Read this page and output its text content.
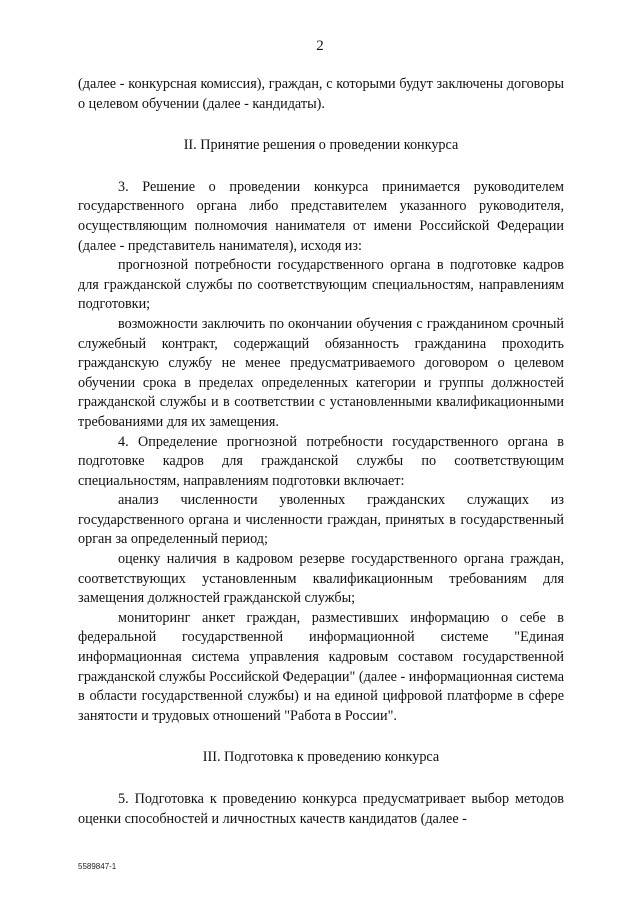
2

(далее - конкурсная комиссия), граждан, с которыми будут заключены договоры о целевом обучении (далее - кандидаты).

II. Принятие решения о проведении конкурса

3. Решение о проведении конкурса принимается руководителем государственного органа либо представителем указанного руководителя, осуществляющим полномочия нанимателя от имени Российской Федерации (далее - представитель нанимателя), исходя из:

прогнозной потребности государственного органа в подготовке кадров для гражданской службы по соответствующим специальностям, направлениям подготовки;

возможности заключить по окончании обучения с гражданином срочный служебный контракт, содержащий обязанность гражданина проходить гражданскую службу не менее предусматриваемого договором о целевом обучении срока в пределах определенных категории и группы должностей гражданской службы и в соответствии с установленными квалификационными требованиями для их замещения.

4. Определение прогнозной потребности государственного органа в подготовке кадров для гражданской службы по соответствующим специальностям, направлениям подготовки включает:

анализ численности уволенных гражданских служащих из государственного органа и численности граждан, принятых в государственный орган за определенный период;

оценку наличия в кадровом резерве государственного органа граждан, соответствующих установленным квалификационным требованиям для замещения должностей гражданской службы;

мониторинг анкет граждан, разместивших информацию о себе в федеральной государственной информационной системе "Единая информационная система управления кадровым составом государственной гражданской службы Российской Федерации" (далее - информационная система в области государственной службы) и на единой цифровой платформе в сфере занятости и трудовых отношений "Работа в России".

III. Подготовка к проведению конкурса

5. Подготовка к проведению конкурса предусматривает выбор методов оценки способностей и личностных качеств кандидатов (далее -

5589847-1
